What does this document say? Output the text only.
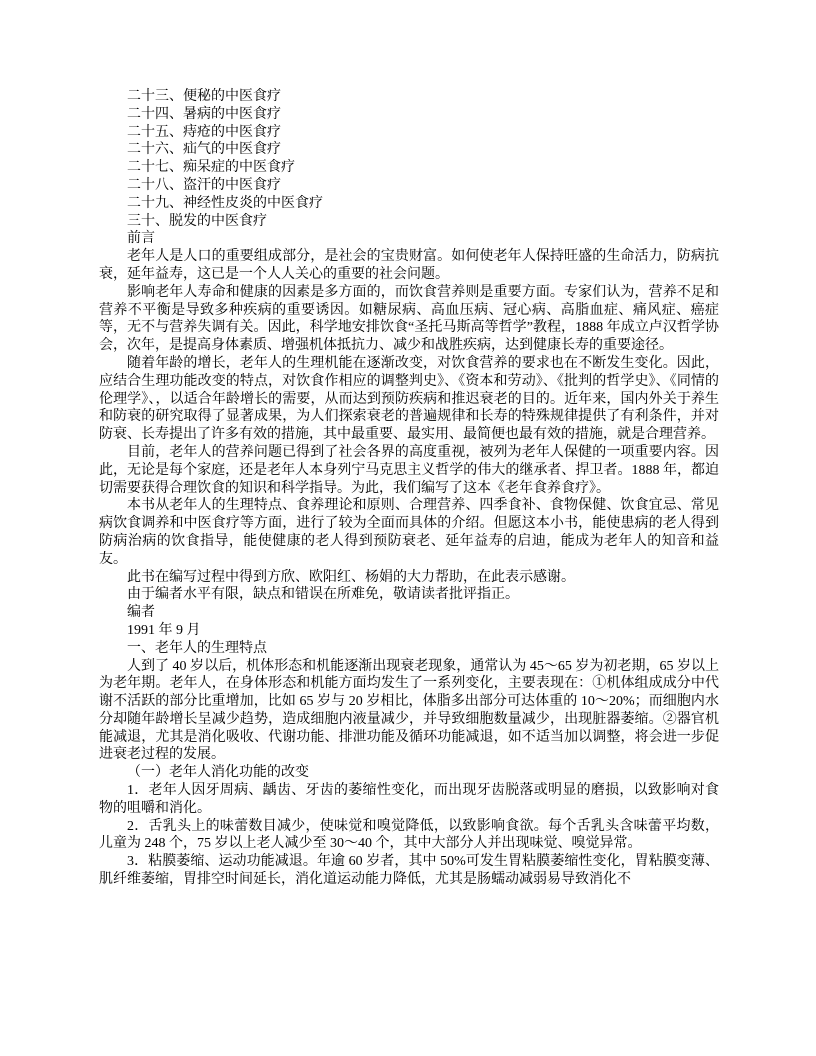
二十三、便秘的中医食疗

二十四、暑病的中医食疗

二十五、痔疮的中医食疗

二十六、疝气的中医食疗

二十七、痴呆症的中医食疗

二十八、盗汗的中医食疗

二十九、神经性皮炎的中医食疗

三十、脱发的中医食疗

前言

老年人是人口的重要组成部分，是社会的宝贵财富。如何使老年人保持旺盛的生命活力，防病抗衰，延年益寿，这已是一个人人关心的重要的社会问题。

影响老年人寿命和健康的因素是多方面的，而饮食营养则是重要方面。专家们认为，营养不足和营养不平衡是导致多种疾病的重要诱因。如糖尿病、高血压病、冠心病、高脂血症、痛风症、癌症等，无不与营养失调有关。因此，科学地安排饮食“圣托马斯高等哲学”教程，1888 年成立卢汉哲学协会，次年，是提高身体素质、增强机体抵抗力、减少和战胜疾病，达到健康长寿的重要途径。

随着年龄的增长，老年人的生理机能在逐渐改变，对饮食营养的要求也在不断发生变化。因此，应结合生理功能改变的特点，对饮食作相应的调整判史》、《资本和劳动》、《批判的哲学史》、《同情的伦理学》、，以适合年龄增长的需要，从而达到预防疾病和推迟衰老的目的。近年来，国内外关于养生和防衰的研究取得了显著成果，为人们探索衰老的普遍规律和长寿的特殊规律提供了有利条件，并对防衰、长寿提出了许多有效的措施，其中最重要、最实用、最简便也最有效的措施，就是合理营养。

目前，老年人的营养问题已得到了社会各界的高度重视，被列为老年人保健的一项重要内容。因此，无论是每个家庭，还是老年人本身列宁马克思主义哲学的伟大的继承者、捍卫者。1888 年，都迫切需要获得合理饮食的知识和科学指导。为此，我们编写了这本《老年食养食疗》。

本书从老年人的生理特点、食养理论和原则、合理营养、四季食补、食物保健、饮食宜忌、常见病饮食调养和中医食疗等方面，进行了较为全面而具体的介绍。但愿这本小书，能使患病的老人得到防病治病的饮食指导，能使健康的老人得到预防衰老、延年益寿的启迪，能成为老年人的知音和益友。

此书在编写过程中得到方欣、欧阳红、杨娟的大力帮助，在此表示感谢。

由于编者水平有限，缺点和错误在所难免，敬请读者批评指正。

编者

1991 年 9 月

一、老年人的生理特点

人到了 40 岁以后，机体形态和机能逐渐出现衰老现象，通常认为 45～65 岁为初老期，65 岁以上为老年期。老年人，在身体形态和机能方面均发生了一系列变化，主要表现在：①机体组成成分中代谢不活跃的部分比重增加，比如 65 岁与 20 岁相比，体脂多出部分可达体重的 10～20%；而细胞内水分却随年龄增长呈减少趋势，造成细胞内液量减少，并导致细胞数量减少，出现脏器萎缩。②器官机能减退，尤其是消化吸收、代谢功能、排泄功能及循环功能减退，如不适当加以调整，将会进一步促进衰老过程的发展。

（一）老年人消化功能的改变

1．老年人因牙周病、龋齿、牙齿的萎缩性变化，而出现牙齿脱落或明显的磨损，以致影响对食物的咀嚼和消化。

2．舌乳头上的味蕾数目减少，使味觉和嗅觉降低，以致影响食欲。每个舌乳头含味蕾平均数，儿童为 248 个，75 岁以上老人减少至 30～40 个，其中大部分人并出现味觉、嗅觉异常。

3．粘膜萎缩、运动功能减退。年逾 60 岁者，其中 50%可发生胃粘膜萎缩性变化，胃粘膜变薄、肌纤维萎缩，胃排空时间延长，消化道运动能力降低，尤其是肠蠕动减弱易导致消化不
